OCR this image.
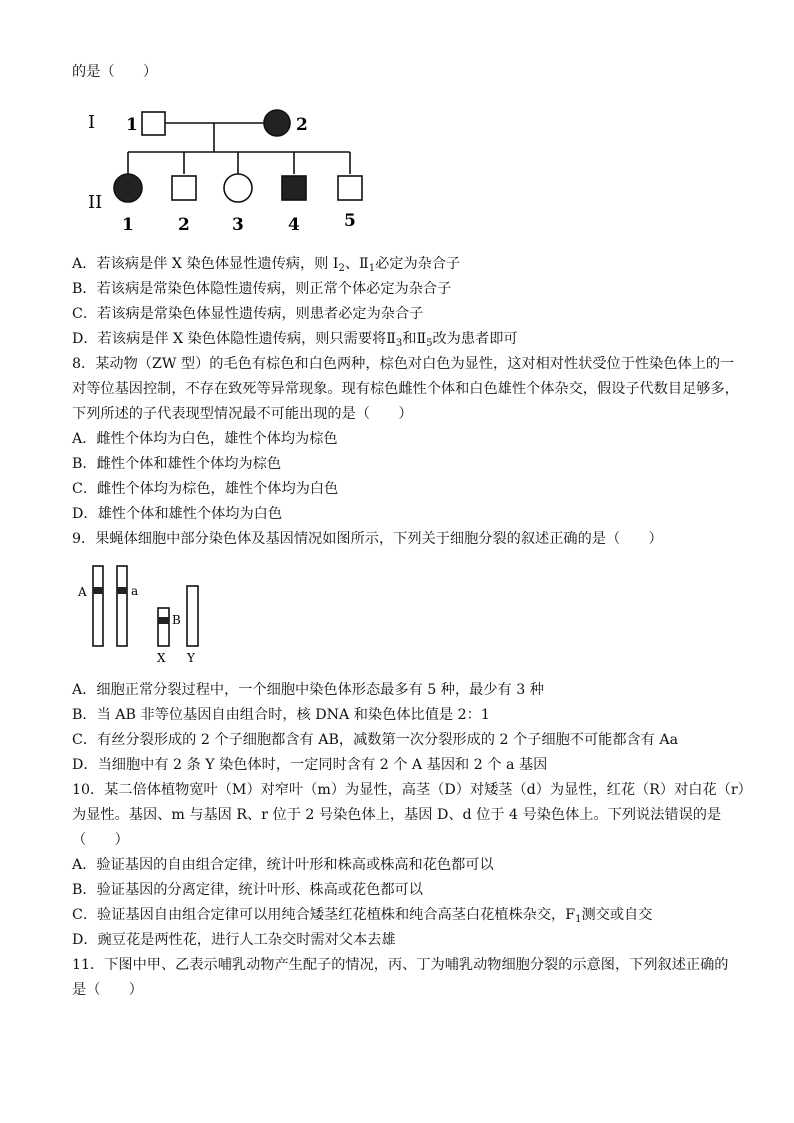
的是（　　）
I
II
1	2
1	2 3	4	5
A．若该病是伴 X 染色体显性遗传病，则 $I_2$、$Ⅱ_1$必定为杂合子
B．若该病是常染色体隐性遗传病，则正常个体必定为杂合子
C．若该病是常染色体显性遗传病，则患者必定为杂合子
D．若该病是伴 X 染色体隐性遗传病，则只需要将$Ⅱ_3$和$Ⅱ_5$改为患者即可
8．某动物（ZW 型）的毛色有棕色和白色两种，棕色对白色为显性，这对相对性状受位于性染色体上的一
对等位基因控制，不存在致死等异常现象。现有棕色雌性个体和白色雄性个体杂交，假设子代数目足够多，
下列所述的子代表现型情况最不可能出现的是（　　）
A．雌性个体均为白色，雄性个体均为棕色
B．雌性个体和雄性个体均为棕色
C．雌性个体均为棕色，雄性个体均为白色
D．雄性个体和雄性个体均为白色
9．果蝇体细胞中部分染色体及基因情况如图所示，下列关于细胞分裂的叙述正确的是（　　）
A	a
B
X Y
A．细胞正常分裂过程中，一个细胞中染色体形态最多有 5 种，最少有 3 种
B．当 AB 非等位基因自由组合时，核 DNA 和染色体比值是 2：1
C．有丝分裂形成的 2 个子细胞都含有 AB，减数第一次分裂形成的 2 个子细胞不可能都含有 Aa
D．当细胞中有 2 条 Y 染色体时，一定同时含有 2 个 A 基因和 2 个 a 基因
10．某二倍体植物宽叶（M）对窄叶（m）为显性，高茎（D）对矮茎（d）为显性，红花（R）对白花（r）
为显性。基因、m 与基因 R、r 位于 2 号染色体上，基因 D、d 位于 4 号染色体上。下列说法错误的是
（　　）
A．验证基因的自由组合定律，统计叶形和株高或株高和花色都可以
B．验证基因的分离定律，统计叶形、株高或花色都可以
C．验证基因自由组合定律可以用纯合矮茎红花植株和纯合高茎白花植株杂交，$F_1$测交或自交
D．豌豆花是两性花，进行人工杂交时需对父本去雄
11．下图中甲、乙表示哺乳动物产生配子的情况，丙、丁为哺乳动物细胞分裂的示意图，下列叙述正确的
是（　　）
